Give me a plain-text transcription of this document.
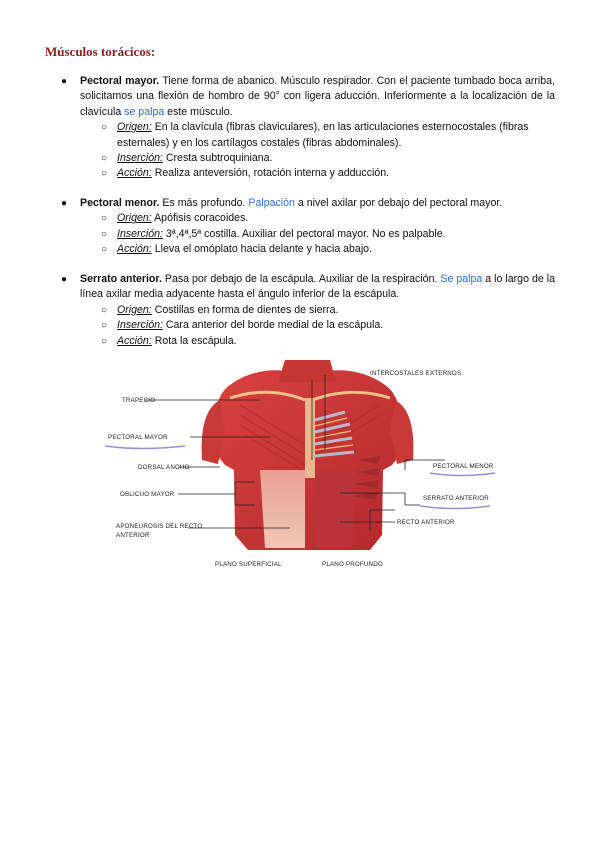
Músculos torácicos:
● Pectoral mayor. Tiene forma de abanico. Músculo respirador. Con el paciente tumbado boca arriba, solicitamos una flexión de hombro de 90° con ligera aducción. Inferiormente a la localización de la clavícula se palpa este músculo.
○ Origen: En la clavícula (fibras claviculares), en las articulaciones esternocostales (fibras esternales) y en los cartílagos costales (fibras abdominales).
○ Inserción: Cresta subtroquiniana.
○ Acción: Realiza anteversión, rotación interna y adducción.
● Pectoral menor. Es más profundo. Palpación a nivel axilar por debajo del pectoral mayor.
○ Origen: Apófisis coracoides.
○ Inserción: 3ª,4ª,5ª costilla. Auxiliar del pectoral mayor. No es palpable.
○ Acción: Lleva el omóplato hacia delante y hacia abajo.
● Serrato anterior. Pasa por debajo de la escápula. Auxiliar de la respiración. Se palpa a lo largo de la línea axilar media adyacente hasta el ángulo inferior de la escápula.
○ Origen: Costillas en forma de dientes de sierra.
○ Inserción: Cara anterior del borde medial de la escápula.
○ Acción: Rota la escápula.
INTERCOSTALES EXTERNOS
TRAPECIO
PECTORAL MAYOR
DORSAL ANCHO
OBLICUO MAYOR
APONEUROSIS DEL RECTO
ANTERIOR
PECTORAL MENOR
SERRATO ANTERIOR
RECTO ANTERIOR
PLANO SUPERFICIAL	PLANO PROFUNDO
